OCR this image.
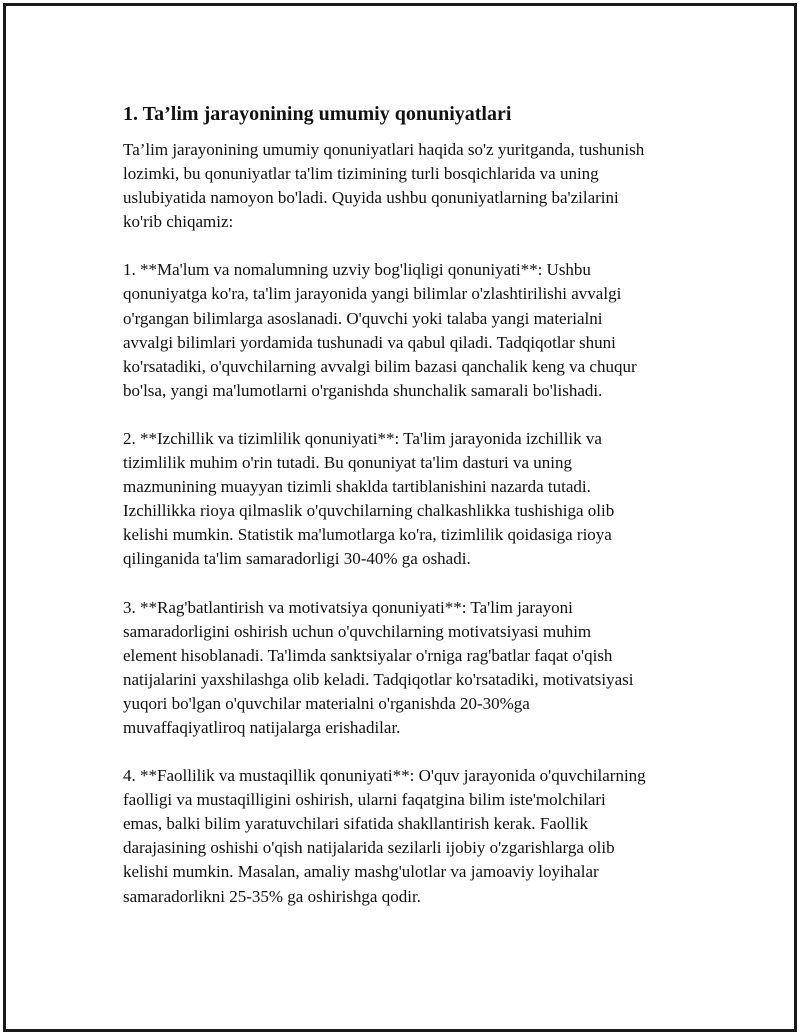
1. Ta’lim jarayonining umumiy qonuniyatlari

Ta’lim jarayonining umumiy qonuniyatlari haqida so'z yuritganda, tushunish
lozimki, bu qonuniyatlar ta'lim tizimining turli bosqichlarida va uning
uslubiyatida namoyon bo'ladi. Quyida ushbu qonuniyatlarning ba'zilarini
ko'rib chiqamiz:

1. **Ma'lum va nomalumning uzviy bog'liqligi qonuniyati**: Ushbu
qonuniyatga ko'ra, ta'lim jarayonida yangi bilimlar o'zlashtirilishi avvalgi
o'rgangan bilimlarga asoslanadi. O'quvchi yoki talaba yangi materialni
avvalgi bilimlari yordamida tushunadi va qabul qiladi. Tadqiqotlar shuni
ko'rsatadiki, o'quvchilarning avvalgi bilim bazasi qanchalik keng va chuqur
bo'lsa, yangi ma'lumotlarni o'rganishda shunchalik samarali bo'lishadi.

2. **Izchillik va tizimlilik qonuniyati**: Ta'lim jarayonida izchillik va
tizimlilik muhim o'rin tutadi. Bu qonuniyat ta'lim dasturi va uning
mazmunining muayyan tizimli shaklda tartiblanishini nazarda tutadi.
Izchillikka rioya qilmaslik o'quvchilarning chalkashlikka tushishiga olib
kelishi mumkin. Statistik ma'lumotlarga ko'ra, tizimlilik qoidasiga rioya
qilinganida ta'lim samaradorligi 30-40% ga oshadi.

3. **Rag'batlantirish va motivatsiya qonuniyati**: Ta'lim jarayoni
samaradorligini oshirish uchun o'quvchilarning motivatsiyasi muhim
element hisoblanadi. Ta'limda sanktsiyalar o'rniga rag'batlar faqat o'qish
natijalarini yaxshilashga olib keladi. Tadqiqotlar ko'rsatadiki, motivatsiyasi
yuqori bo'lgan o'quvchilar materialni o'rganishda 20-30%ga
muvaffaqiyatliroq natijalarga erishadilar.

4. **Faollilik va mustaqillik qonuniyati**: O'quv jarayonida o'quvchilarning
faolligi va mustaqilligini oshirish, ularni faqatgina bilim iste'molchilari
emas, balki bilim yaratuvchilari sifatida shakllantirish kerak. Faollik
darajasining oshishi o'qish natijalarida sezilarli ijobiy o'zgarishlarga olib
kelishi mumkin. Masalan, amaliy mashg'ulotlar va jamoaviy loyihalar
samaradorlikni 25-35% ga oshirishga qodir.
